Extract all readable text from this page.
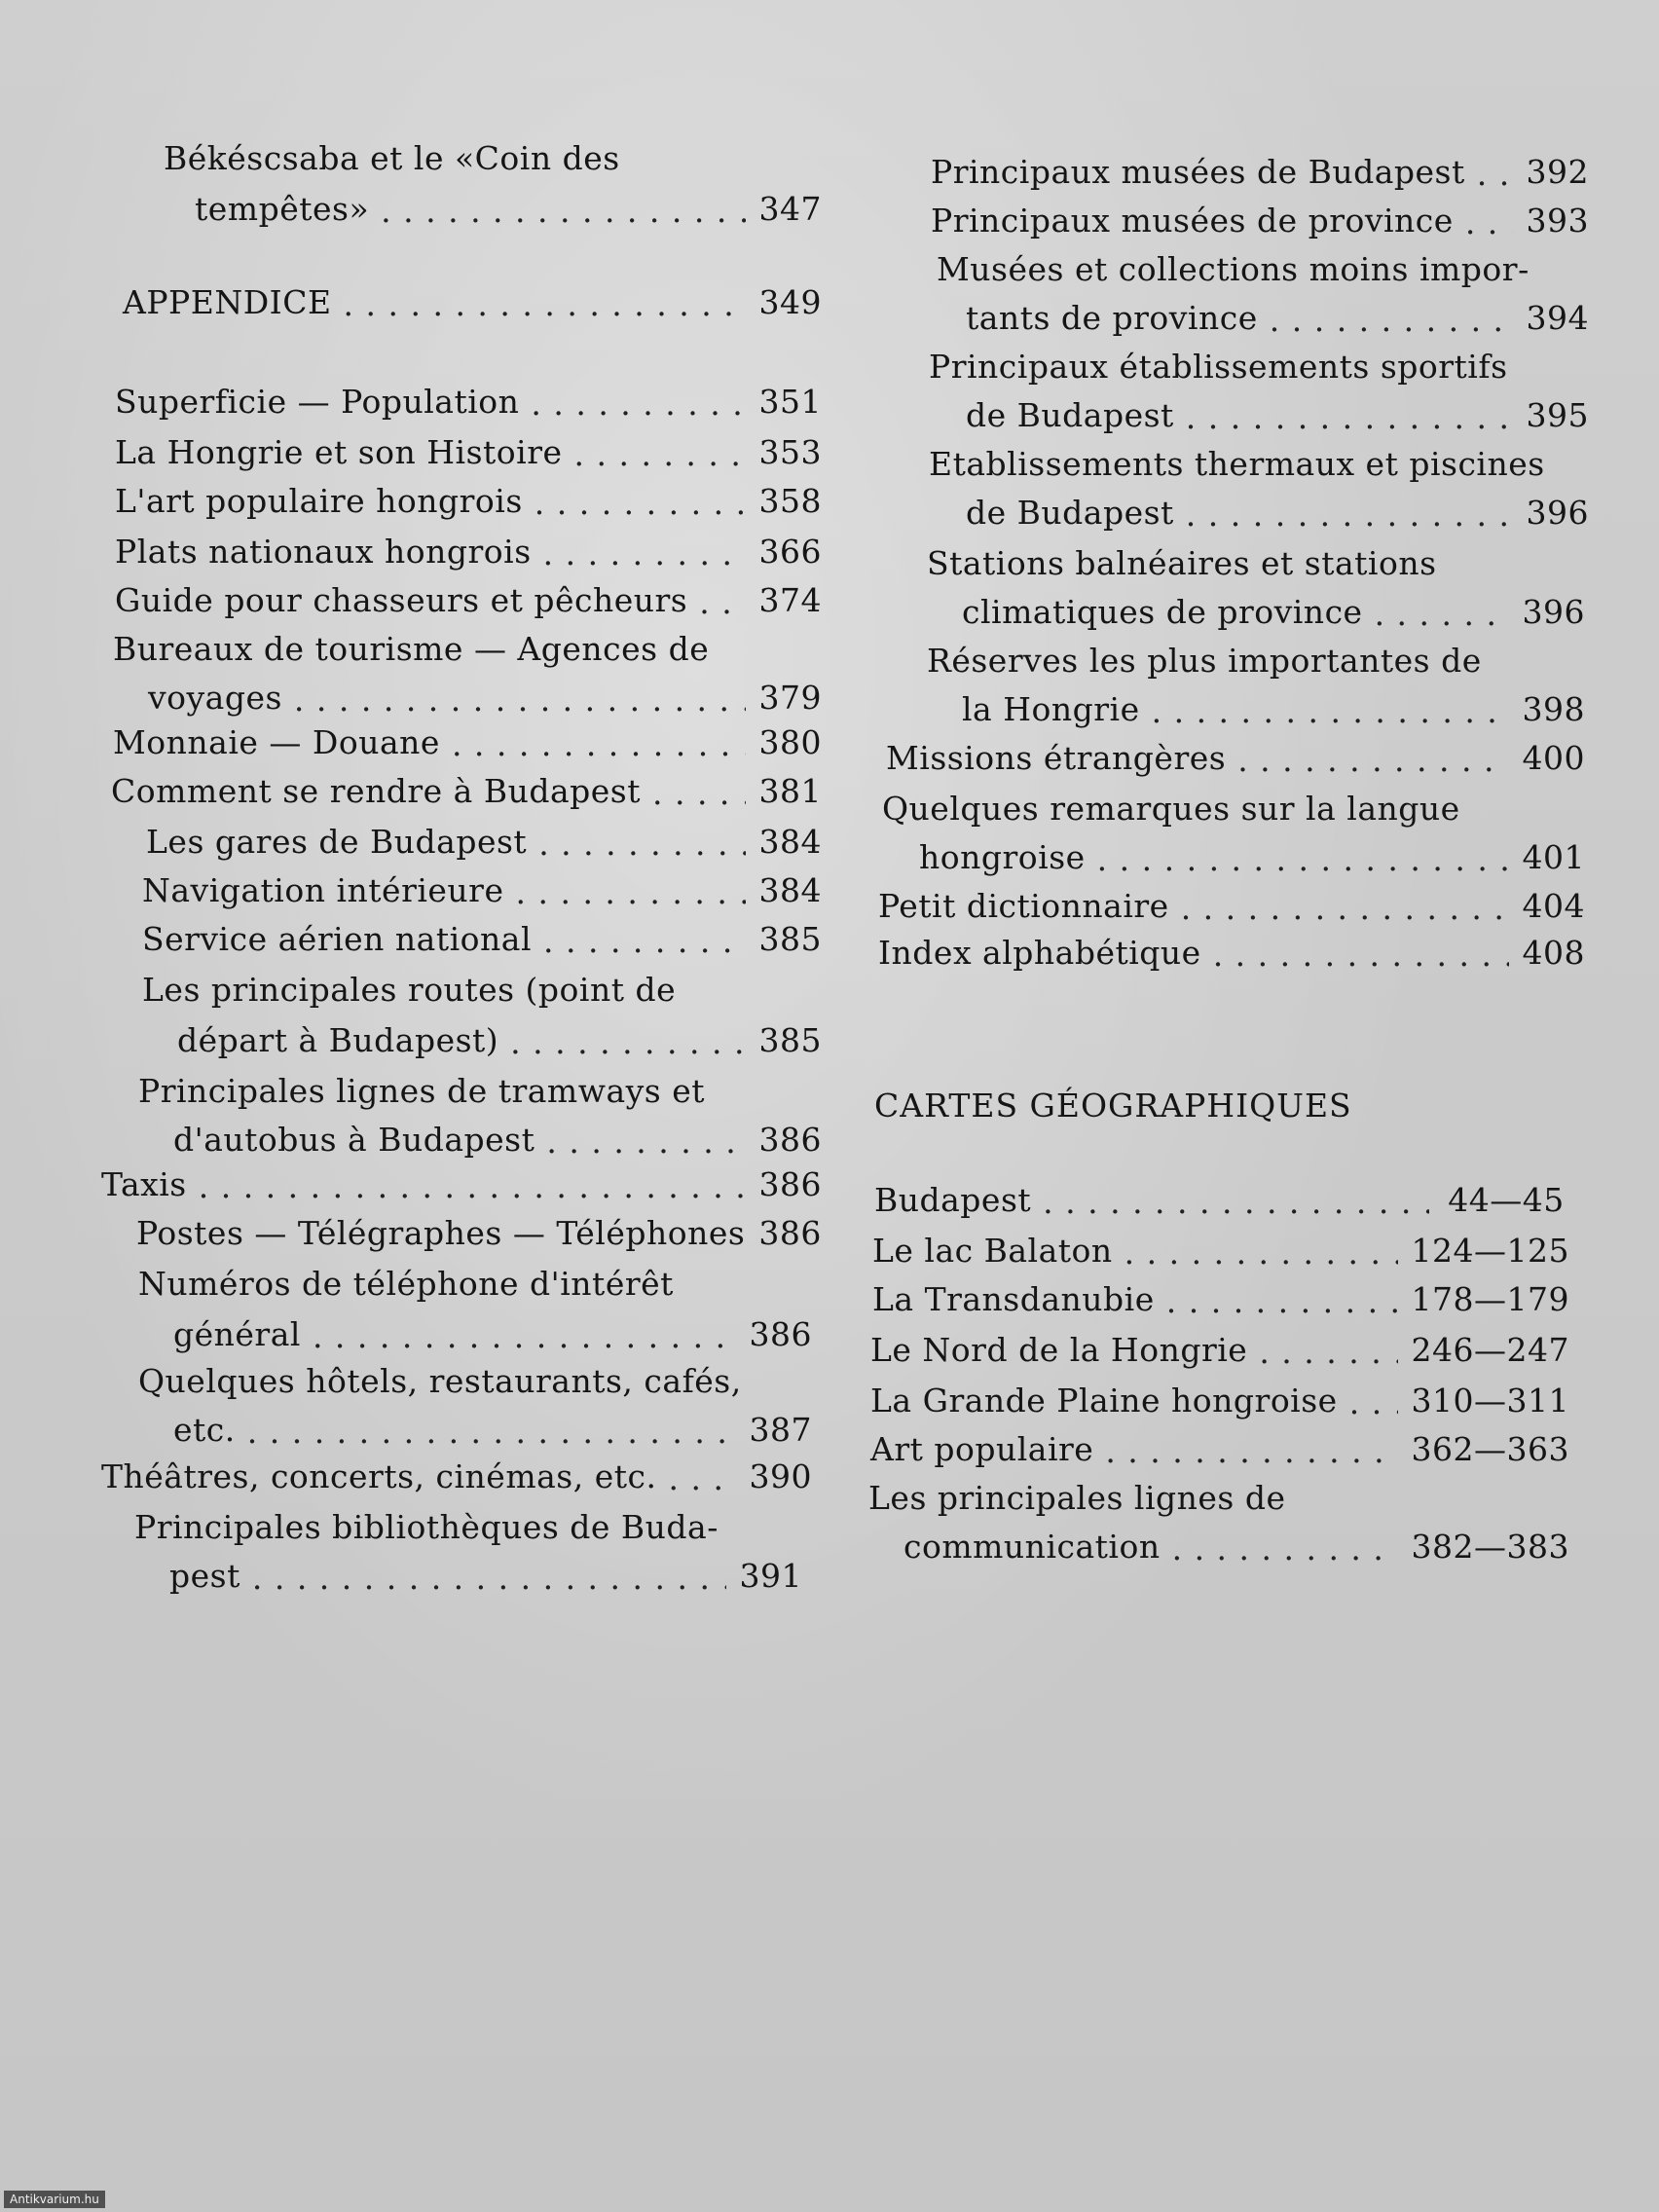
Békéscsaba et le «Coin des
tempêtes» . . .	347
APPENDICE . . .	349
Superficie — Population . . .	351
La Hongrie et son Histoire . . .	353
L'art populaire hongrois . . .	358
Plats nationaux hongrois . . .	366
Guide pour chasseurs et pêcheurs . . . 374
Bureaux de tourisme — Agences de
voyages . . .	379
Monnaie — Douane . . .	380
Comment se rendre à Budapest . . .	381
Les gares de Budapest . . .	384
Navigation intérieure . . .	384
Service aérien national . . .	385
Les principales routes (point de
départ à Budapest) . . .	385
Principales lignes de tramways et
d'autobus à Budapest . . .	386
Taxis . . .	386
Postes — Télégraphes — Téléphones 386
Numéros de téléphone d'intérêt
général . . .	386
Quelques hôtels, restaurants, cafés,
etc. . . .	387
Théâtres, concerts, cinémas, etc. . . .	390
Principales bibliothèques de Buda-
pest . . .	391
Principaux musées de Budapest . . . 392
Principaux musées de province . . . 393
Musées et collections moins impor-
tants de province . . .	394
Principaux établissements sportifs
de Budapest . . .	395
Etablissements thermaux et piscines
de Budapest . . .	396
Stations balnéaires et stations
climatiques de province . . .	396
Réserves les plus importantes de
la Hongrie . . .	398
Missions étrangères . . .	400
Quelques remarques sur la langue
hongroise . . .	401
Petit dictionnaire . . .	404
Index alphabétique . . .	408
CARTES GÉOGRAPHIQUES
Budapest . . .	44—45
Le lac Balaton . . .	124—125
La Transdanubie . . .	178—179
Le Nord de la Hongrie . . .	246—247
La Grande Plaine hongroise . . . 310—311
Art populaire . . .	362—363
Les principales lignes de
communication . . .	382—383
Antikvarium.hu
